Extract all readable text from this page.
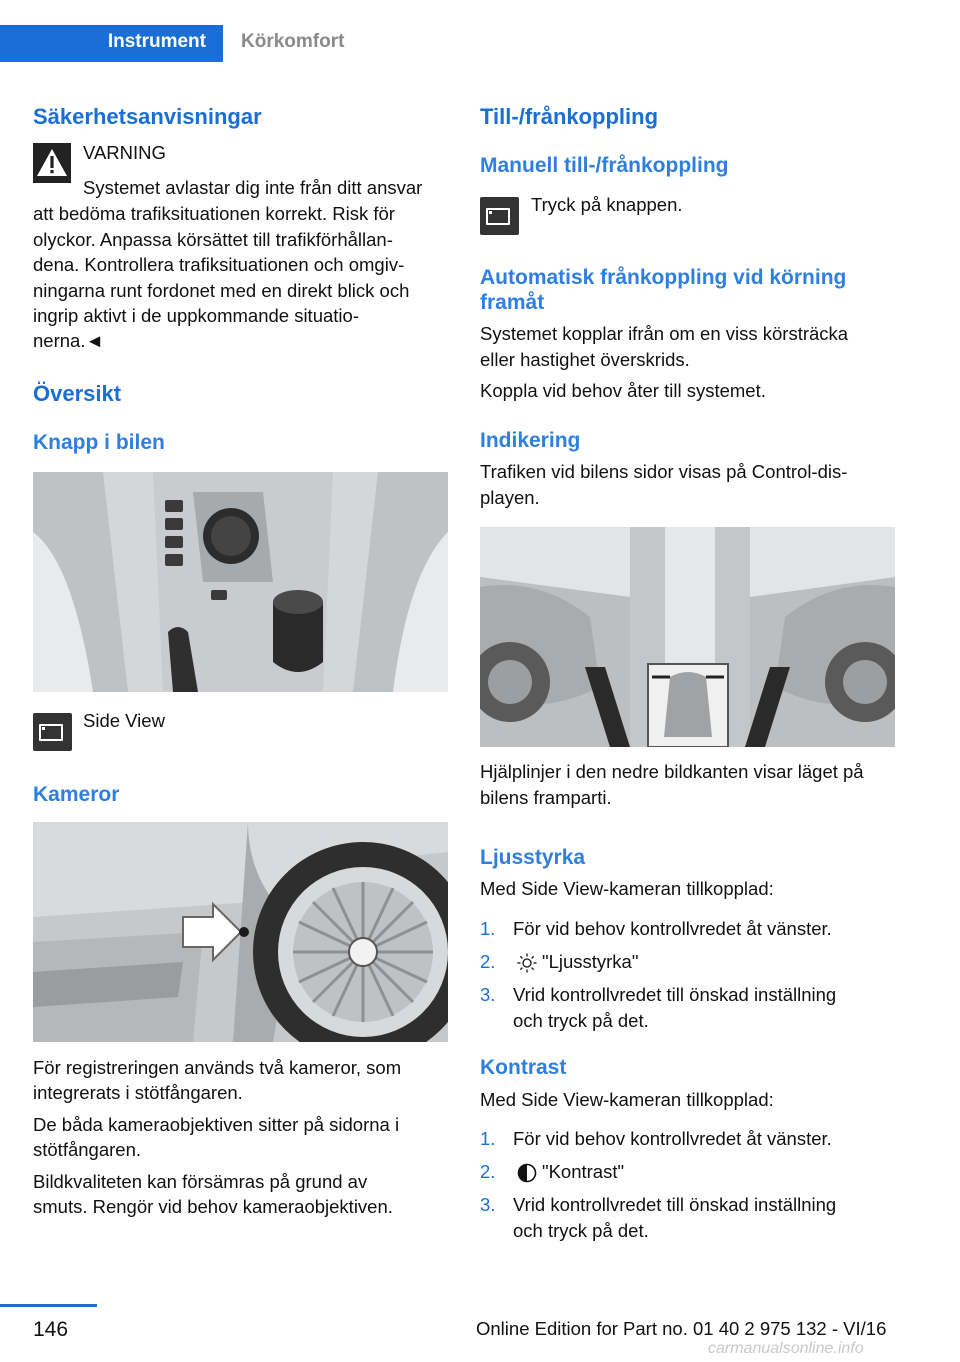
Instrument Körkomfort
Säkerhetsanvisningar
VARNING
Systemet avlastar dig inte från ditt ansvar
att bedöma trafiksituationen korrekt. Risk för
olyckor. Anpassa körsättet till trafikförhållan‐
dena. Kontrollera trafiksituationen och omgiv‐
ningarna runt fordonet med en direkt blick och
ingrip aktivt i de uppkommande situatio‐
nerna.◄
Översikt
Knapp i bilen
Side View
Kameror
För registreringen används två kameror, som
integrerats i stötfångaren.
De båda kameraobjektiven sitter på sidorna i
stötfångaren.
Bildkvaliteten kan försämras på grund av
smuts. Rengör vid behov kameraobjektiven.
Till-/frånkoppling
Manuell till-/frånkoppling
Tryck på knappen.
Automatisk frånkoppling vid körning
framåt
Systemet kopplar ifrån om en viss körsträcka
eller hastighet överskrids.
Koppla vid behov åter till systemet.
Indikering
Trafiken vid bilens sidor visas på Control-dis‐
playen.
Hjälplinjer i den nedre bildkanten visar läget på
bilens framparti.
Ljusstyrka
Med Side View-kameran tillkopplad:
1. För vid behov kontrollvredet åt vänster.
2.	"Ljusstyrka"
3. Vrid kontrollvredet till önskad inställning
och tryck på det.
Kontrast
Med Side View-kameran tillkopplad:
1. För vid behov kontrollvredet åt vänster.
2.	"Kontrast"
3. Vrid kontrollvredet till önskad inställning
och tryck på det.
146	Online Edition for Part no. 01 40 2 975 132 - VI/16
carmanualsonline.info
